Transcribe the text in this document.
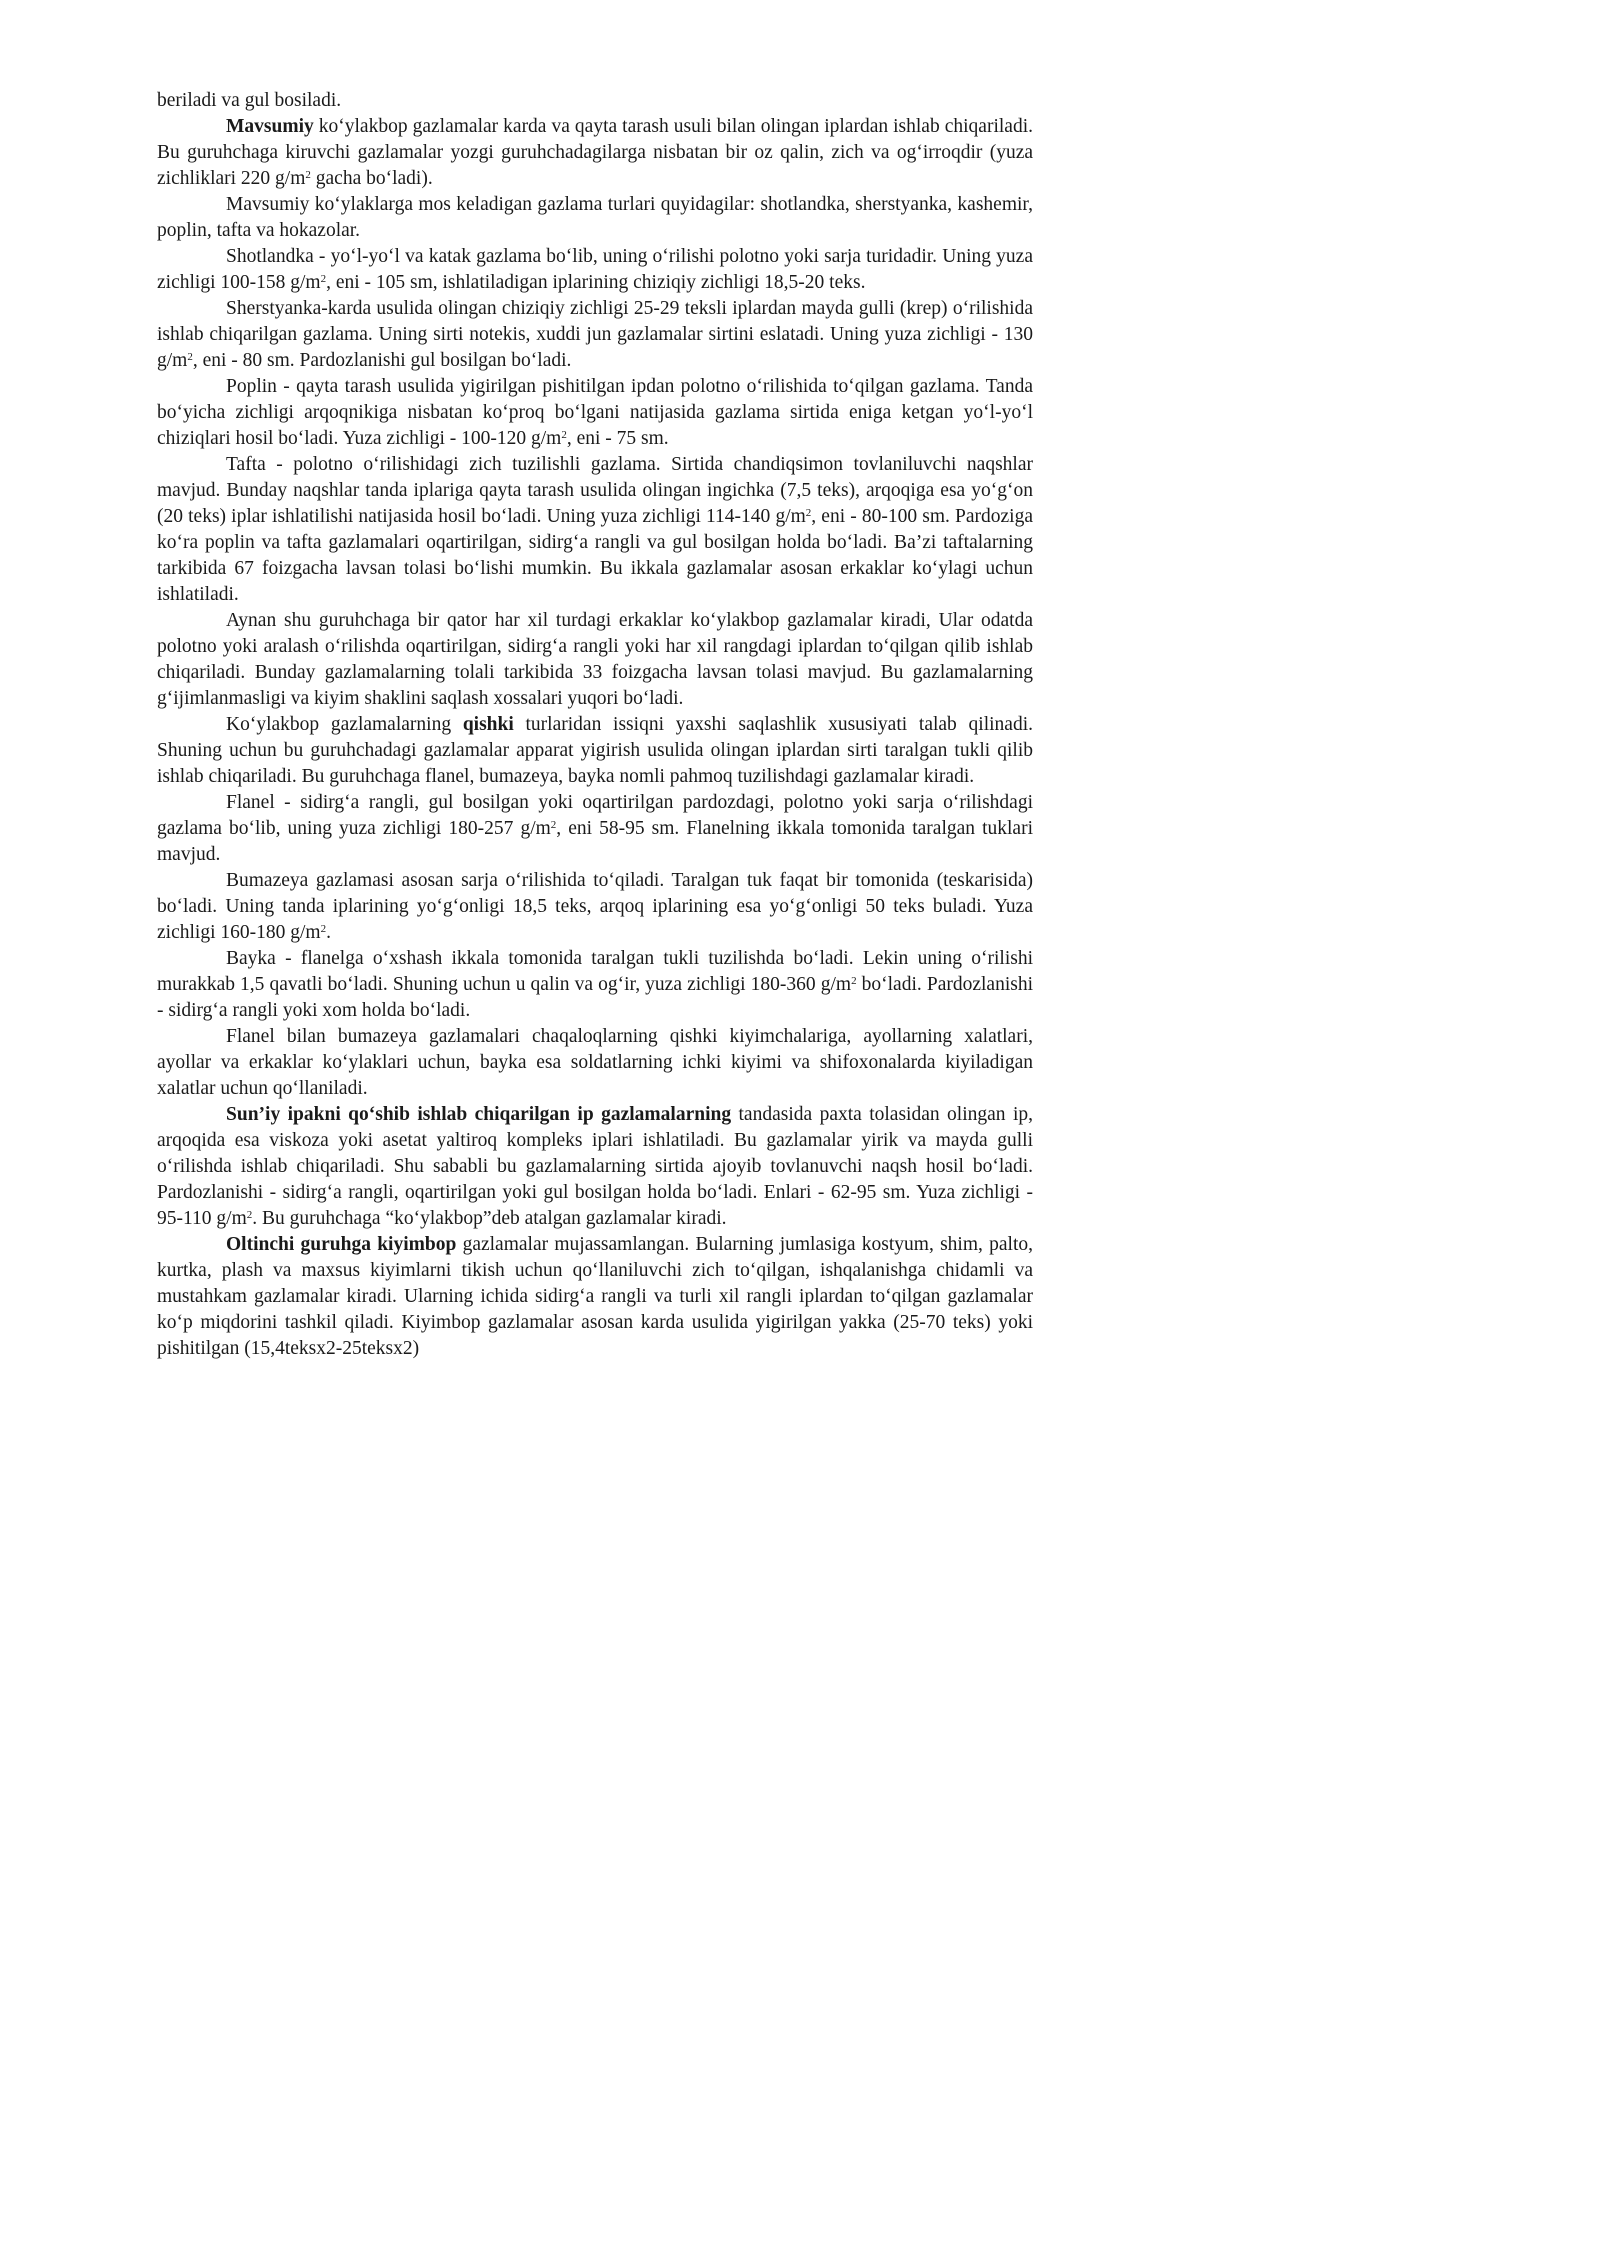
beriladi va gul bosiladi.

Mavsumiy ko‘ylakbop gazlamalar karda va qayta tarash usuli bilan olingan iplardan ishlab chiqariladi. Bu guruhchaga kiruvchi gazlamalar yozgi guruhchadagilarga nisbatan bir oz qalin, zich va og‘irroqdir (yuza zichliklari 220 $g/m^2$ gacha bo‘ladi).

Mavsumiy ko‘ylaklarga mos keladigan gazlama turlari quyidagilar: shotlandka, sherstyanka, kashemir, poplin, tafta va hokazolar.

Shotlandka - yo‘l-yo‘l va katak gazlama bo‘lib, uning o‘rilishi polotno yoki sarja turidadir. Uning yuza zichligi 100-158 $g/m^2$, eni - 105 sm, ishlatiladigan iplarining chiziqiy zichligi 18,5-20 teks.

Sherstyanka-karda usulida olingan chiziqiy zichligi 25-29 teksli iplardan mayda gulli (krep) o‘rilishida ishlab chiqarilgan gazlama. Uning sirti notekis, xuddi jun gazlamalar sirtini eslatadi. Uning yuza zichligi - 130 $g/m^2$, eni - 80 sm. Pardozlanishi gul bosilgan bo‘ladi.

Poplin - qayta tarash usulida yigirilgan pishitilgan ipdan polotno o‘rilishida to‘qilgan gazlama. Tanda bo‘yicha zichligi arqoqnikiga nisbatan ko‘proq bo‘lgani natijasida gazlama sirtida eniga ketgan yo‘l-yo‘l chiziqlari hosil bo‘ladi. Yuza zichligi - 100-120 $g/m^2$, eni - 75 sm.

Tafta - polotno o‘rilishidagi zich tuzilishli gazlama. Sirtida chandiqsimon tovlaniluvchi naqshlar mavjud. Bunday naqshlar tanda iplariga qayta tarash usulida olingan ingichka (7,5 teks), arqoqiga esa yo‘g‘on (20 teks) iplar ishlatilishi natijasida hosil bo‘ladi. Uning yuza zichligi 114-140 $g/m^2$, eni - 80-100 sm. Pardoziga ko‘ra poplin va tafta gazlamalari oqartirilgan, sidirg‘a rangli va gul bosilgan holda bo‘ladi. Ba’zi taftalarning tarkibida 67 foizgacha lavsan tolasi bo‘lishi mumkin. Bu ikkala gazlamalar asosan erkaklar ko‘ylagi uchun ishlatiladi.

Aynan shu guruhchaga bir qator har xil turdagi erkaklar ko‘ylakbop gazlamalar kiradi, Ular odatda polotno yoki aralash o‘rilishda oqartirilgan, sidirg‘a rangli yoki har xil rangdagi iplardan to‘qilgan qilib ishlab chiqariladi. Bunday gazlamalarning tolali tarkibida 33 foizgacha lavsan tolasi mavjud. Bu gazlamalarning g‘ijimlanmasligi va kiyim shaklini saqlash xossalari yuqori bo‘ladi.

Ko‘ylakbop gazlamalarning qishki turlaridan issiqni yaxshi saqlashlik xususiyati talab qilinadi. Shuning uchun bu guruhchadagi gazlamalar apparat yigirish usulida olingan iplardan sirti taralgan tukli qilib ishlab chiqariladi. Bu guruhchaga flanel, bumazeya, bayka nomli pahmoq tuzilishdagi gazlamalar kiradi.

Flanel - sidirg‘a rangli, gul bosilgan yoki oqartirilgan pardozdagi, polotno yoki sarja o‘rilishdagi gazlama bo‘lib, uning yuza zichligi 180-257 $g/m^2$, eni 58-95 sm. Flanelning ikkala tomonida taralgan tuklari mavjud.

Bumazeya gazlamasi asosan sarja o‘rilishida to‘qiladi. Taralgan tuk faqat bir tomonida (teskarisida) bo‘ladi. Uning tanda iplarining yo‘g‘onligi 18,5 teks, arqoq iplarining esa yo‘g‘onligi 50 teks buladi. Yuza zichligi 160-180 $g/m^2$.

Bayka - flanelga o‘xshash ikkala tomonida taralgan tukli tuzilishda bo‘ladi. Lekin uning o‘rilishi murakkab 1,5 qavatli bo‘ladi. Shuning uchun u qalin va og‘ir, yuza zichligi 180-360 $g/m^2$ bo‘ladi. Pardozlanishi - sidirg‘a rangli yoki xom holda bo‘ladi.

Flanel bilan bumazeya gazlamalari chaqaloqlarning qishki kiyimchalariga, ayollarning xalatlari, ayollar va erkaklar ko‘ylaklari uchun, bayka esa soldatlarning ichki kiyimi va shifoxonalarda kiyiladigan xalatlar uchun qo‘llaniladi.

Sun’iy ipakni qo‘shib ishlab chiqarilgan ip gazlamalarning tandasida paxta tolasidan olingan ip, arqoqida esa viskoza yoki asetat yaltiroq kompleks iplari ishlatiladi. Bu gazlamalar yirik va mayda gulli o‘rilishda ishlab chiqariladi. Shu sababli bu gazlamalarning sirtida ajoyib tovlanuvchi naqsh hosil bo‘ladi. Pardozlanishi - sidirg‘a rangli, oqartirilgan yoki gul bosilgan holda bo‘ladi. Enlari - 62-95 sm. Yuza zichligi - 95-110 $g/m^2$. Bu guruhchaga “ko‘ylakbop”deb atalgan gazlamalar kiradi.

Oltinchi guruhga kiyimbop gazlamalar mujassamlangan. Bularning jumlasiga kostyum, shim, palto, kurtka, plash va maxsus kiyimlarni tikish uchun qo‘llaniluvchi zich to‘qilgan, ishqalanishga chidamli va mustahkam gazlamalar kiradi. Ularning ichida sidirg‘a rangli va turli xil rangli iplardan to‘qilgan gazlamalar ko‘p miqdorini tashkil qiladi. Kiyimbop gazlamalar asosan karda usulida yigirilgan yakka (25-70 teks) yoki pishitilgan (15,4teksx2-25teksx2)
